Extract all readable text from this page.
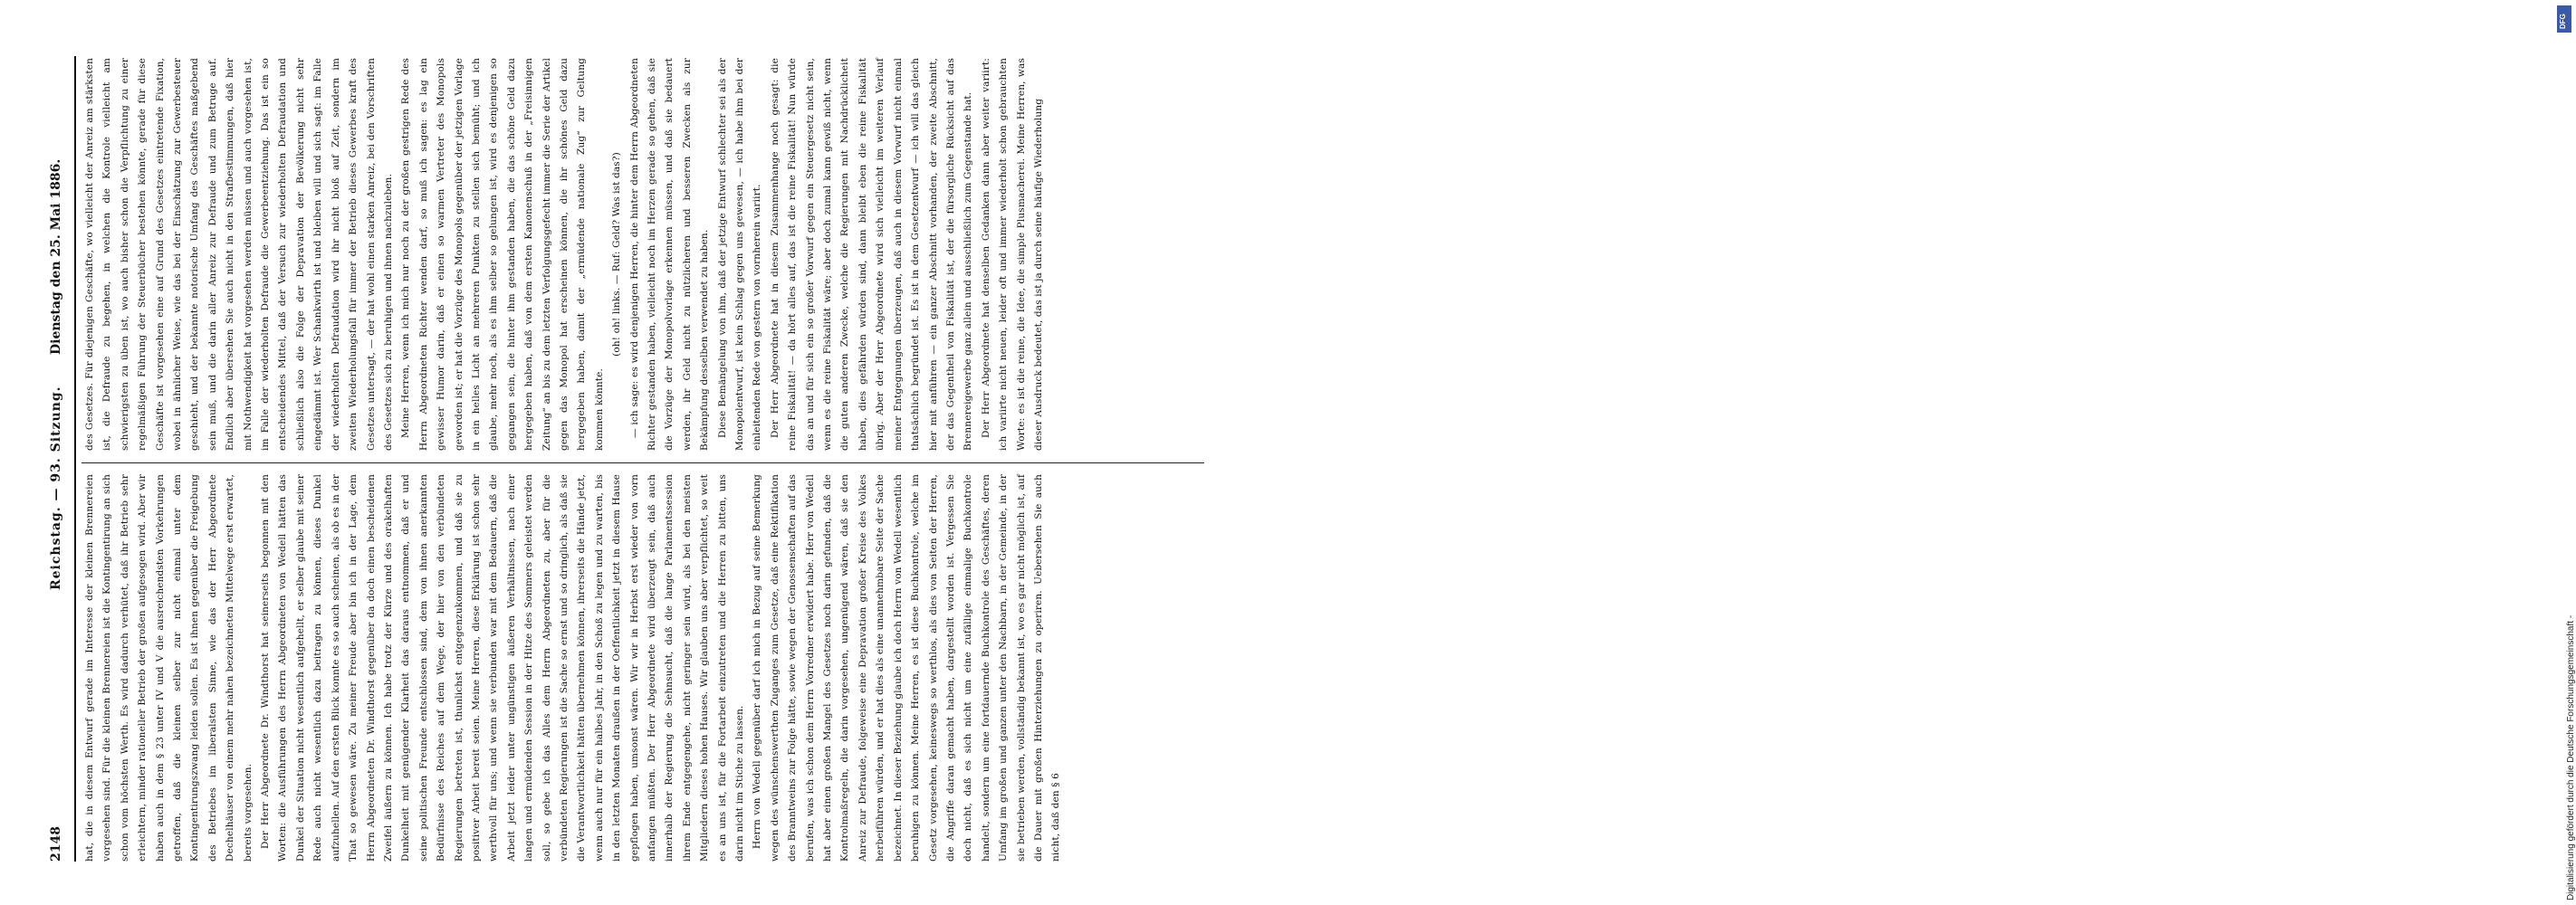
2148
Reichstag. — 93. Sitzung.
Dienstag den 25. Mai 1886.

hat, die in diesem Entwurf gerade im Interesse der kleinen Brennereien vorgesehen sind. Für die kleinen Brennereien ist die Kontingentirung an sich schon vom höchsten Werth. Es wird dadurch verhütet, daß ihr Betrieb sehr erleichtern, minder rationeller Betrieb der großen aufgesogen wird. Aber wir haben auch in dem § 23 unter IV und V die ausreichendsten Vorkehrungen getroffen, daß die kleinen selber zur nicht einmal unter dem Kontingentirungszwang leiden sollen. Es ist ihnen gegenüber die Freigebung des Betriebes im liberalsten Sinne, wie das der Herr Abgeordnete Dechelhäuser von einem mehr nahen bezeichneten Mittelwege erst erwartet, bereits vorgesehen. Der Herr Abgeordnete Dr. Windthorst hat seinerseits begonnen mit den Worten: die Ausführungen des Herrn Abgeordneten von Wedell hätten das Dunkel der Situation nicht wesentlich aufgehellt, er selber glaube mit seiner Rede auch nicht wesentlich dazu beitragen zu können, dieses Dunkel aufzuhellen. Auf den ersten Blick konnte es so auch scheinen, als ob es in der That so gewesen wäre. Zu meiner Freude aber bin ich in der Lage, dem Herrn Abgeordneten Dr. Windthorst gegenüber da doch einen bescheidenen Zweifel äußern zu können. Ich habe trotz der Kürze und des orakelhaften Dunkelheit mit genügender Klarheit das daraus entnommen, daß er und seine politischen Freunde entschlossen sind, dem von ihnen anerkannten Bedürfnisse des Reiches auf dem Wege, der hier von den verbündeten Regierungen betreten ist, thunlichst entgegenzukommen, und daß sie zu positiver Arbeit bereit seien. Meine Herren, diese Erklärung ist schon sehr werthvoll für uns; und wenn sie verbunden war mit dem Bedauern, daß die Arbeit jetzt leider unter ungünstigen äußeren Verhältnissen, nach einer langen und ermüdenden Session in der Hitze des Sommers geleistet werden soll, so gebe ich das Alles dem Herrn Abgeordneten zu, aber für die verbündeten Regierungen ist die Sache so ernst und so dringlich, als daß sie die Verantwortlichkeit hätten übernehmen können, ihrerseits die Hände jetzt, wenn auch nur für ein halbes Jahr, in den Schoß zu legen und zu warten, bis in den letzten Monaten draußen in der Oeffentlichkeit jetzt in diesem Hause gepflogen haben, umsonst wären. Wir wir in Herbst erst wieder von vorn anfangen müßten. Der Herr Abgeordnete wird überzeugt sein, daß auch innerhalb der Regierung die Sehnsucht, daß die lange Parlamentssession ihrem Ende entgegengehe, nicht geringer sein wird, als bei den meisten Mitgliedern dieses hohen Hauses. Wir glauben uns aber verpflichtet, so weit es an uns ist, für die Fortarbeit einzutreten und die Herren zu bitten, uns darin nicht im Stiche zu lassen. Herrn von Wedell gegenüber darf ich mich in Bezug auf seine Bemerkung wegen des wünschenswerthen Zuganges zum Gesetze, daß eine Rektifikation des Branntweins zur Folge hätte, sowie wegen der Genossenschaften auf das berufen, was ich schon dem Herrn Vorredner erwidert habe. Herr von Wedell hat aber einen großen Mangel des Gesetzes noch darin gefunden, daß die Kontrolmaßregeln, die darin vorgesehen, ungenügend wären, daß sie den Anreiz zur Defraude, folgeweise eine Depravation großer Kreise des Volkes herbeiführen würden, und er hat dies als eine unannehmbare Seite der Sache bezeichnet. In dieser Beziehung glaube ich doch Herrn von Wedell wesentlich beruhigen zu können. Meine Herren, es ist diese Buchkontrole, welche im Gesetz vorgesehen, keineswegs so werthlos, als dies von Seiten der Herren, die Angriffe daran gemacht haben, dargestellt worden ist. Vergessen Sie doch nicht, daß es sich nicht um eine zufällige einmalige Buchkontrole handelt, sondern um eine fortdauernde Buchkontrole des Geschäftes, deren Umfang im großen und ganzen unter den Nachbarn, in der Gemeinde, in der sie betrieben werden, vollständig bekannt ist, wo es gar nicht möglich ist, auf die Dauer mit großen Hinterziehungen zu operiren. Uebersehen Sie auch nicht, daß den § 6

des Gesetzes. Für diejenigen Geschäfte, wo vielleicht der Anreiz am stärksten ist, die Defraude zu begehen, in welchen die Kontrole vielleicht am schwierigsten zu üben ist, wo auch bisher schon die Verpflichtung zu einer regelmäßigen Führung der Steuerbücher bestehen könnte, gerade für diese Geschäfte ist vorgesehen eine auf Grund des Gesetzes eintretende Fixation, wobei in ähnlicher Weise, wie das bei der Einschätzung zur Gewerbesteuer geschieht, und der bekannte notorische Umfang des Geschäftes maßgebend sein muß, und die darin aller Anreiz zur Defraude und zum Betruge auf. Endlich aber übersehen Sie auch nicht in den Strafbestimmungen, daß hier mit Nothwendigkeit hat vorgesehen werden müssen und auch vorgesehen ist, im Falle der wiederholten Defraude die Gewerbeentziehung. Das ist ein so entscheidendes Mittel, daß der Versuch zur wiederholten Defraudation und schließlich also die Folge der Depravation der Bevölkerung nicht sehr eingedämmt ist. Wer Schankwirth ist und bleiben will und sich sagt: im Falle der wiederholten Defraudation wird ihr nicht bloß auf Zeit, sondern im zweiten Wiederholungsfall für immer der Betrieb dieses Gewerbes kraft des Gesetzes untersagt, — der hat wohl einen starken Anreiz, bei den Vorschriften des Gesetzes sich zu beruhigen und ihnen nachzuleben. Meine Herren, wenn ich mich nur noch zu der großen gestrigen Rede des Herrn Abgeordneten Richter wenden darf, so muß ich sagen: es lag ein gewisser Humor darin, daß er einen so warmen Vertreter des Monopols geworden ist; er hat die Vorzüge des Monopols gegenüber der jetzigen Vorlage in ein helles Licht an mehreren Punkten zu stellen sich bemüht; und ich glaube, mehr noch, als es ihm selber so gelungen ist, wird es denjenigen so gegangen sein, die hinter ihm gestanden haben, die das schöne Geld dazu hergegeben haben, daß von dem ersten Kanonenschuß in der „Freisinnigen Zeitung“ an bis zu dem letzten Verfolgungsgefecht immer die Serie der Artikel gegen das Monopol hat erscheinen können, die ihr schönes Geld dazu hergegeben haben, damit der „ermüdende nationale Zug“ zur Geltung kommen könnte.

(oh! oh! links. — Ruf: Geld? Was ist das?) — ich sage: es wird denjenigen Herren, die hinter dem Herrn Abgeordneten Richter gestanden haben, vielleicht noch im Herzen gerade so gehen, daß sie die Vorzüge der Monopolvorlage erkennen müssen, und daß sie bedauert werden, ihr Geld nicht zu nützlicheren und besseren Zwecken als zur Bekämpfung desselben verwendet zu haben. Diese Bemängelung von ihm, daß der jetzige Entwurf schlechter sei als der Monopolentwurf, ist kein Schlag gegen uns gewesen, — ich habe ihm bei der einleitenden Rede von gestern von vornherein variirt. Der Herr Abgeordnete hat in diesem Zusammenhange noch gesagt: die reine Fiskalität! — da hört alles auf, das ist die reine Fiskalität! Nun würde das an und für sich ein so großer Vorwurf gegen ein Steuergesetz nicht sein, wenn es die reine Fiskalität wäre; aber doch zumal kann gewiß nicht, wenn die guten anderen Zwecke, welche die Regierungen mit Nachdrücklicheit haben, dies gefährden würden sind, dann bleibt eben die reine Fiskalität übrig. Aber der Herr Abgeordnete wird sich vielleicht im weiteren Verlauf meiner Entgegnungen überzeugen, daß auch in diesem Vorwurf nicht einmal thatsächlich begründet ist. Es ist in dem Gesetzentwurf — ich will das gleich hier mit anführen — ein ganzer Abschnitt vorhanden, der zweite Abschnitt, der das Gegentheil von Fiskalität ist, der die fürsorgliche Rücksicht auf das Brennereigewerbe ganz allein und ausschließlich zum Gegenstande hat. Der Herr Abgeordnete hat denselben Gedanken dann aber weiter variirt: ich variirte nicht neuen, leider oft und immer wiederholt schon gebrauchten Worte: es ist die reine, die Idee, die simple Plusmacherei. Meine Herren, was dieser Ausdruck bedeutet, das ist ja durch seine häufige Wiederholung

Digitalisierung gefördert durch die Deutsche Forschungsgemeinschaft -
DFG
